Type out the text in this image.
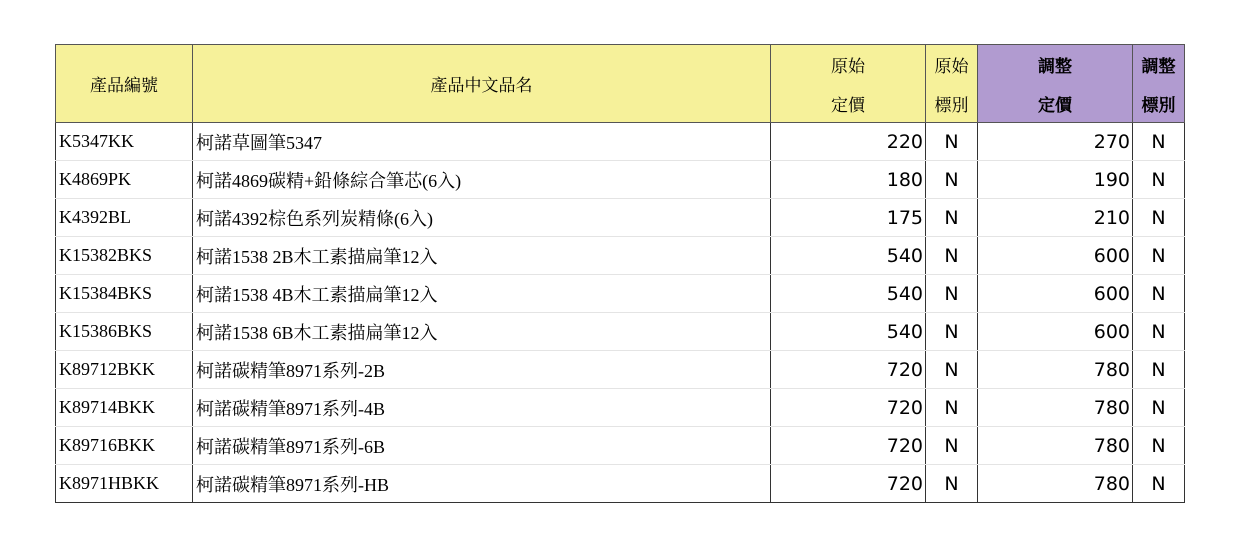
產品編號	產品中文品名	原始	原始	調整	調整
		定價	標別	定價	標別
K5347KK	柯諾草圖筆5347	220	N	270	N
K4869PK	柯諾4869碳精+鉛條綜合筆芯(6入)	180	N	190	N
K4392BL	柯諾4392棕色系列炭精條(6入)	175	N	210	N
K15382BKS	柯諾1538 2B木工素描扁筆12入	540	N	600	N
K15384BKS	柯諾1538 4B木工素描扁筆12入	540	N	600	N
K15386BKS	柯諾1538 6B木工素描扁筆12入	540	N	600	N
K89712BKK	柯諾碳精筆8971系列-2B	720	N	780	N
K89714BKK	柯諾碳精筆8971系列-4B	720	N	780	N
K89716BKK	柯諾碳精筆8971系列-6B	720	N	780	N
K8971HBKK	柯諾碳精筆8971系列-HB	720	N	780	N
